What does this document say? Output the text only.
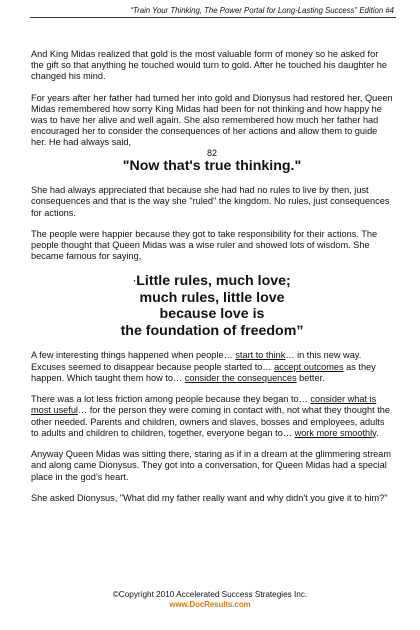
“Train Your Thinking, The Power Portal for Long-Lasting Success” Edition #4

And King Midas realized that gold is the most valuable form of money so he asked for the gift so that anything he touched would turn to gold. After he touched his daughter he changed his mind.

For years after her father had turned her into gold and Dionysus had restored her, Queen Midas remembered how sorry King Midas had been for not thinking and how happy he was to have her alive and well again. She also remembered how much her father had encouraged her to consider the consequences of her actions and allow them to guide her. He had always said,

82
"Now that's true thinking."

She had always appreciated that because she had had no rules to live by then, just consequences and that is the way she "ruled" the kingdom. No rules, just consequences for actions.

The people were happier because they got to take responsibility for their actions. The people thought that Queen Midas was a wise ruler and showed lots of wisdom. She became famous for saying,

·Little rules, much love;
much rules, little love
because love is
the foundation of freedom”

A few interesting things happened when people… start to think… in this new way. Excuses seemed to disappear because people started to… accept outcomes as they happen. Which taught them how to… consider the consequences better.

There was a lot less friction among people because they began to… consider what is most useful… for the person they were coming in contact with, not what they thought the other needed. Parents and children, owners and slaves, bosses and employees, adults to adults and children to children, together, everyone began to… work more smoothly.

Anyway Queen Midas was sitting there, staring as if in a dream at the glimmering stream and along came Dionysus. They got into a conversation, for Queen Midas had a special place in the god’s heart.

She asked Dionysus, "What did my father really want and why didn't you give it to him?"

©Copyright 2010 Accelerated Success Strategies Inc.
www.DocResults.com
